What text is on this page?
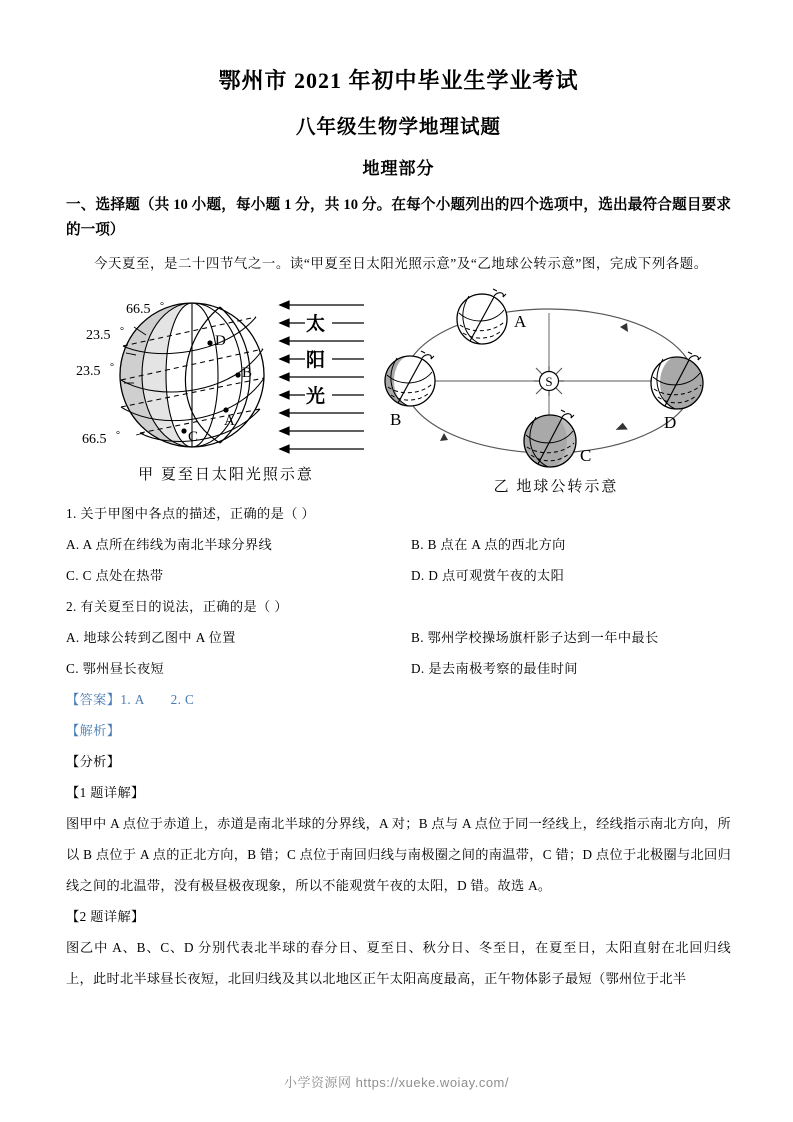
鄂州市 2021 年初中毕业生学业考试
八年级生物学地理试题
地理部分
一、选择题（共 10 小题，每小题 1 分，共 10 分。在每个小题列出的四个选项中，选出最符合题目要求的一项）
今天夏至，是二十四节气之一。读“甲夏至日太阳光照示意”及“乙地球公转示意”图，完成下列各题。
66.5 °
23.5 °
23.5 °
66.5 °
D
B
A
C
太
阳
光
甲 夏至日太阳光照示意
S
A
B
C
D
乙 地球公转示意
1. 关于甲图中各点的描述，正确的是（ ）
A. A 点所在纬线为南北半球分界线	B. B 点在 A 点的西北方向
C. C 点处在热带	D. D 点可观赏午夜的太阳
2. 有关夏至日的说法，正确的是（ ）
A. 地球公转到乙图中 A 位置	B. 鄂州学校操场旗杆影子达到一年中最长
C. 鄂州昼长夜短	D. 是去南极考察的最佳时间
【答案】1. A 2. C
【解析】
【分析】
【1 题详解】
图甲中 A 点位于赤道上，赤道是南北半球的分界线，A 对；B 点与 A 点位于同一经线上，经线指示南北方向，所以 B 点位于 A 点的正北方向，B 错；C 点位于南回归线与南极圈之间的南温带，C 错；D 点位于北极圈与北回归线之间的北温带，没有极昼极夜现象，所以不能观赏午夜的太阳，D 错。故选 A。
【2 题详解】
图乙中 A、B、C、D 分别代表北半球的春分日、夏至日、秋分日、冬至日，在夏至日，太阳直射在北回归线上，此时北半球昼长夜短，北回归线及其以北地区正午太阳高度最高，正午物体影子最短（鄂州位于北半
小学资源网 https://xueke.woiay.com/
